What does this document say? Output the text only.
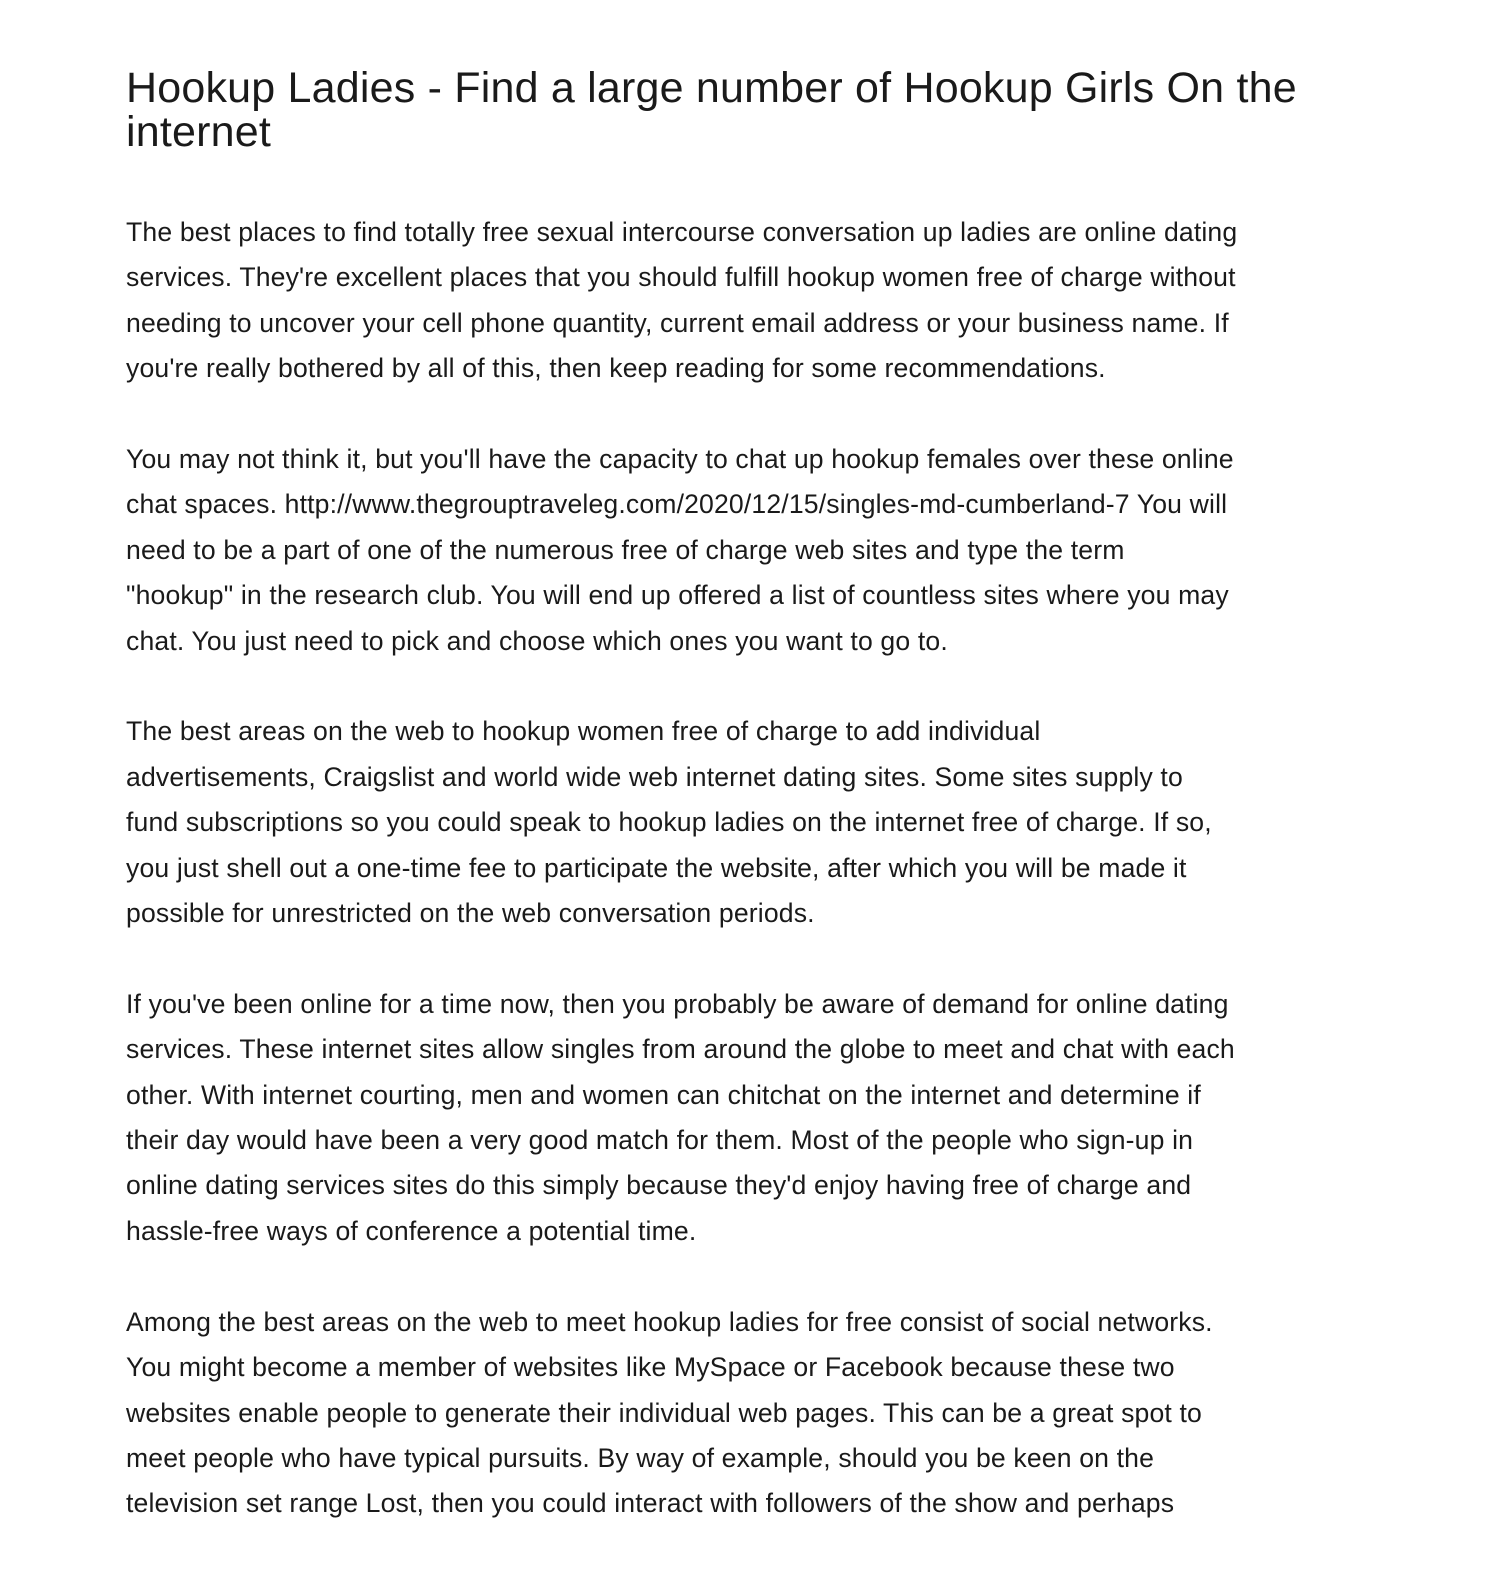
Hookup Ladies - Find a large number of Hookup Girls On the
internet
The best places to find totally free sexual intercourse conversation up ladies are online dating
services. They're excellent places that you should fulfill hookup women free of charge without
needing to uncover your cell phone quantity, current email address or your business name. If
you're really bothered by all of this, then keep reading for some recommendations.
You may not think it, but you'll have the capacity to chat up hookup females over these online
chat spaces. http://www.thegrouptraveleg.com/2020/12/15/singles-md-cumberland-7 You will
need to be a part of one of the numerous free of charge web sites and type the term
"hookup" in the research club. You will end up offered a list of countless sites where you may
chat. You just need to pick and choose which ones you want to go to.
The best areas on the web to hookup women free of charge to add individual
advertisements, Craigslist and world wide web internet dating sites. Some sites supply to
fund subscriptions so you could speak to hookup ladies on the internet free of charge. If so,
you just shell out a one-time fee to participate the website, after which you will be made it
possible for unrestricted on the web conversation periods.
If you've been online for a time now, then you probably be aware of demand for online dating
services. These internet sites allow singles from around the globe to meet and chat with each
other. With internet courting, men and women can chitchat on the internet and determine if
their day would have been a very good match for them. Most of the people who sign-up in
online dating services sites do this simply because they'd enjoy having free of charge and
hassle-free ways of conference a potential time.
Among the best areas on the web to meet hookup ladies for free consist of social networks.
You might become a member of websites like MySpace or Facebook because these two
websites enable people to generate their individual web pages. This can be a great spot to
meet people who have typical pursuits. By way of example, should you be keen on the
television set range Lost, then you could interact with followers of the show and perhaps
